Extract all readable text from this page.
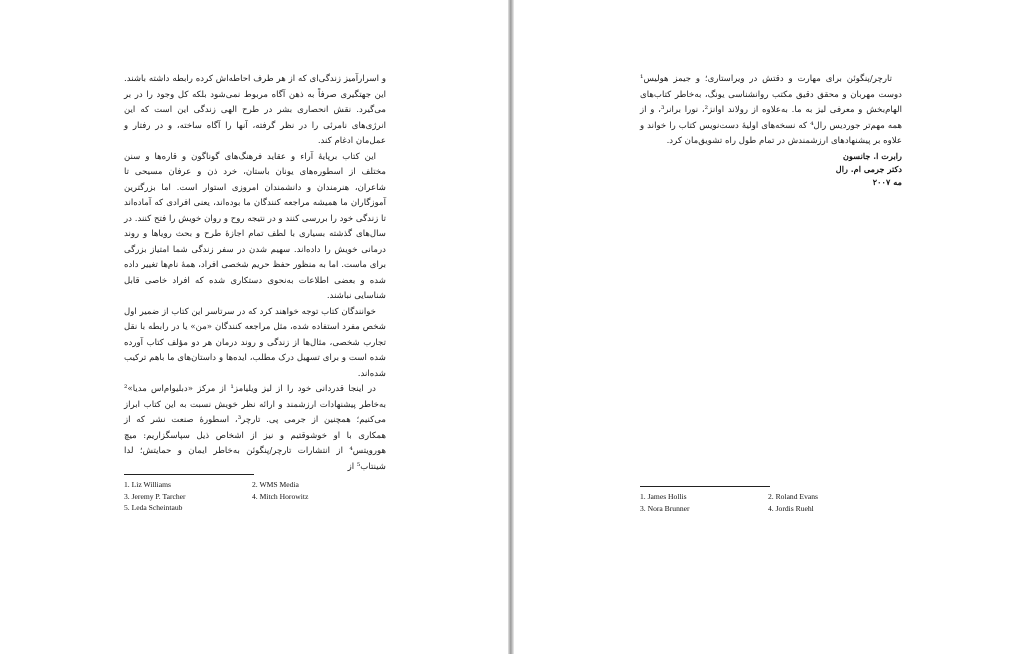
و اسرارآمیز زندگی‌ای که از هر طرف احاطه‌اش کرده رابطه داشته باشند. این جهتگیری صرفاً به ذهن آگاه مربوط نمی‌شود بلکه کل وجود را در بر می‌گیرد. نقش انحصاری بشر در طرح الهی زندگی این است که این انرژی‌های نامرئی را در نظر گرفته، آنها را آگاه ساخته، و در رفتار و عمل‌مان ادغام کند.

این کتاب برپایهٔ آراء و عقاید فرهنگ‌های گوناگون و قاره‌ها و سنن مختلف از اسطوره‌های یونان باستان، خرد ذن و عرفان مسیحی تا شاعران، هنرمندان و دانشمندان امروزی استوار است. اما بزرگترین آموزگاران ما همیشه مراجعه کنندگان ما بوده‌اند، یعنی افرادی که آماده‌اند تا زندگی خود را بررسی کنند و در نتیجه روح و روان خویش را فتح کنند. در سال‌های گذشته بسیاری با لطف تمام اجازهٔ طرح و بحث رویاها و روند درمانی خویش را داده‌اند. سهیم شدن در سفر زندگی شما امتیاز بزرگی برای ماست. اما به منظور حفظ حریم شخصی افراد، همهٔ نام‌ها تغییر داده شده و بعضی اطلاعات به‌نحوی دستکاری شده که افراد خاصی قابل شناسایی نباشند.

خوانندگان کتاب توجه خواهند کرد که در سرتاسر این کتاب از ضمیر اول شخص مفرد استفاده شده، مثل مراجعه کنندگان «من» یا در رابطه با نقل تجارب شخصی، مثال‌ها از زندگی و روند درمان هر دو مؤلف کتاب آورده شده است و برای تسهیل درک مطلب، ایده‌ها و داستان‌های ما باهم ترکیب شده‌اند.

در اینجا قدردانی خود را از لیز ویلیامز¹ از مرکز «دبلیوام‌اس مدیا»² به‌خاطر پیشنهادات ارزشمند و ارائه نظر خویش نسبت به این کتاب ابراز می‌کنیم؛ همچنین از جرمی پی. تارچر³، اسطورهٔ صنعت نشر که از همکاری با او خوشوقتیم و نیز از اشخاص ذیل سپاسگزاریم: میچ هورویتس⁴ از انتشارات تارچر/پنگوئن به‌خاطر ایمان و حمایتش؛ لدا شینتاب⁵ از

1. Liz Williams	2. WMS Media
3. Jeremy P. Tarcher	4. Mitch Horowitz
5. Leda Scheintaub

تارچر/پنگوئن برای مهارت و دقتش در ویراستاری؛ و جیمز هولیس¹ دوست مهربان و محقق دقیق مکتب روانشناسی یونگ، به‌خاطر کتاب‌های الهام‌بخش و معرفی لیز به ما. به‌علاوه از رولاند اوانز²، نورا برانر³، و از همه مهم‌تر جوردیس رال⁴ که نسخه‌های اولیهٔ دست‌نویس کتاب را خواند و علاوه بر پیشنهادهای ارزشمندش در تمام طول راه تشویق‌مان کرد.

رابرت ا. جانسون
دکتر جرمی ام. رال
مه ۲۰۰۷
1. James Hollis	2. Roland Evans
3. Nora Brunner	4. Jordis Ruehl
